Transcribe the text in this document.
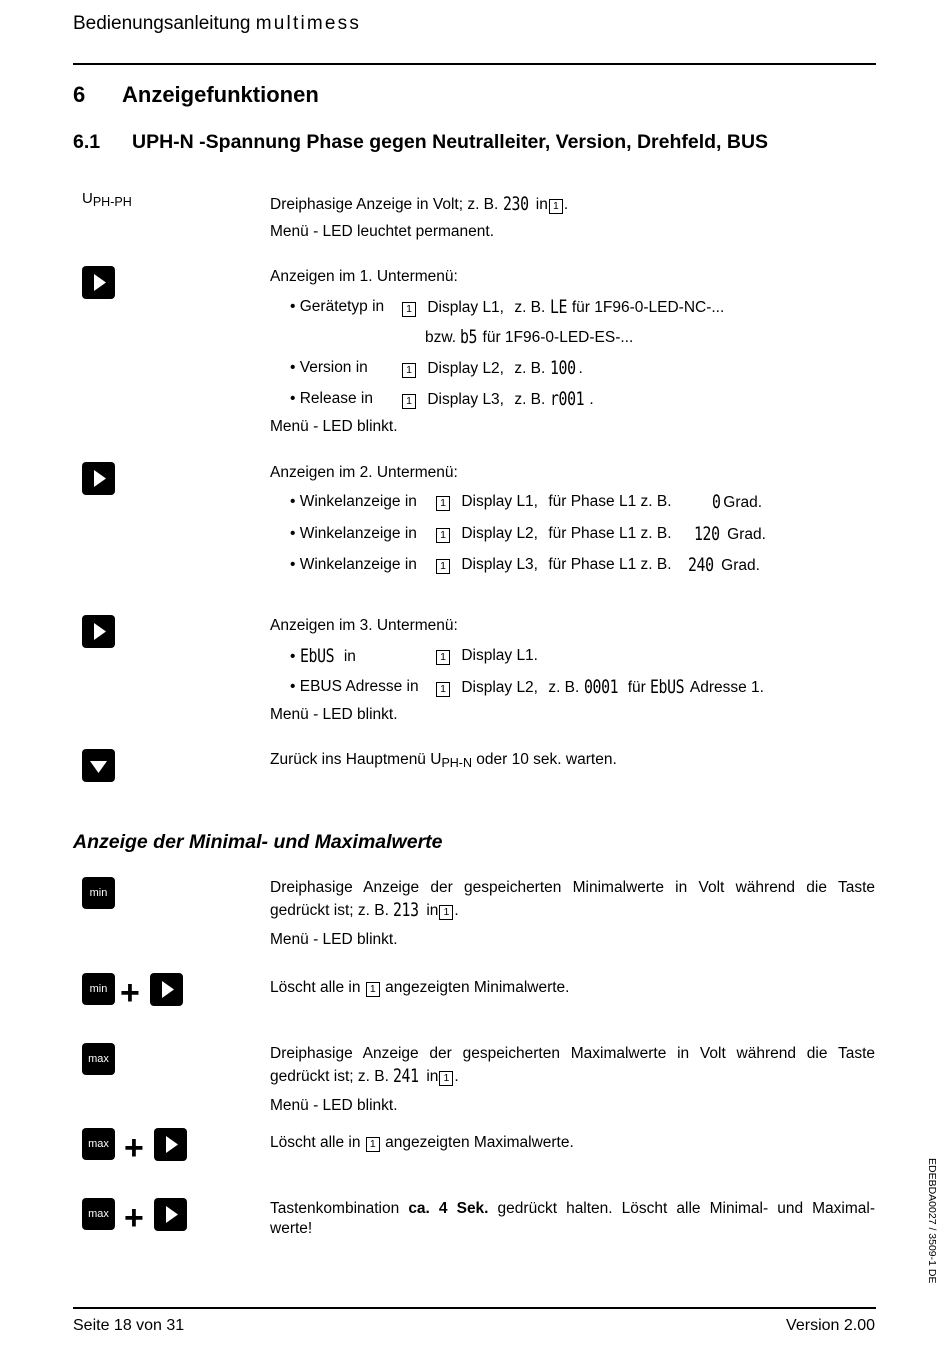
Bedienungsanleitung multimess
6 Anzeigefunktionen
6.1 UPH-N -Spannung Phase gegen Neutralleiter, Version, Drehfeld, BUS
$U_{PH-PH}$	Dreiphasige Anzeige in Volt; z. B. 230 in 1 .
Menü - LED leuchtet permanent.
Anzeigen im 1. Untermenü:
• Gerätetyp in	1 Display L1, z. B. LE für 1F96-0-LED-NC-...
bzw. b5 für 1F96-0-LED-ES-...
• Version in	1 Display L2, z. B. 100 .
• Release in	1 Display L3, z. B. r001 .
Menü - LED blinkt.
Anzeigen im 2. Untermenü:
• Winkelanzeige in	1 Display L1, für Phase L1 z. B. 0 Grad.
• Winkelanzeige in	1 Display L2, für Phase L1 z. B. 120 Grad.
• Winkelanzeige in	1 Display L3, für Phase L1 z. B. 240 Grad.
Anzeigen im 3. Untermenü:
• EbUS in	1 Display L1.
• EBUS Adresse in	1 Display L2, z. B. 0001 für EbUS Adresse 1.
Menü - LED blinkt.
Zurück ins Hauptmenü $U_{PH-N}$ oder 10 sek. warten.
Anzeige der Minimal- und Maximalwerte
min	Dreiphasige Anzeige der gespeicherten Minimalwerte in Volt während die Taste
gedrückt ist; z. B. 213 in 1 .
Menü - LED blinkt.
min +	Löscht alle in 1 angezeigten Minimalwerte.
max	Dreiphasige Anzeige der gespeicherten Maximalwerte in Volt während die Taste
gedrückt ist; z. B. 241 in 1 .
Menü - LED blinkt.
max +	Löscht alle in 1 angezeigten Maximalwerte.
max +	Tastenkombination ca. 4 Sek. gedrückt halten. Löscht alle Minimal- und Maximal-
werte!	EDEBDA0027 / 3509-1 DE
Seite 18 von 31	Version 2.00
